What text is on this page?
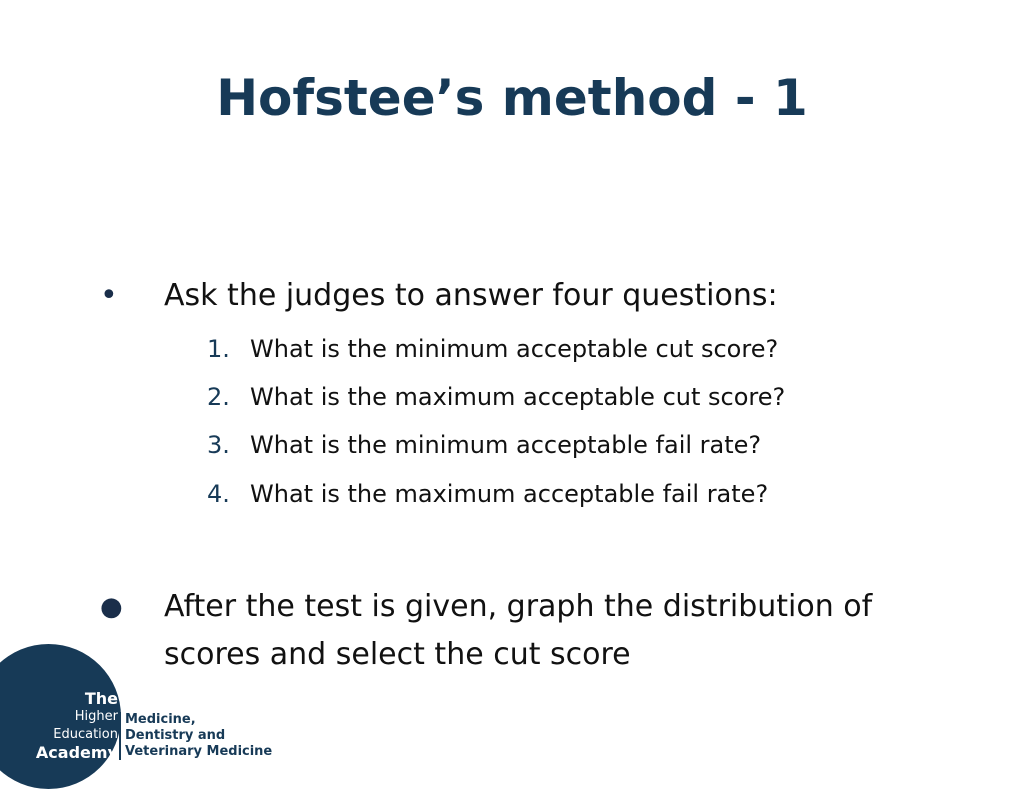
Hofstee’s method - 1
• Ask the judges to answer four questions:
1. What is the minimum acceptable cut score?
2. What is the maximum acceptable cut score?
3. What is the minimum acceptable fail rate?
4. What is the maximum acceptable fail rate?
● After the test is given, graph the distribution of scores and select the cut score
The
Higher
Education
Academy
Medicine,
Dentistry and
Veterinary Medicine
